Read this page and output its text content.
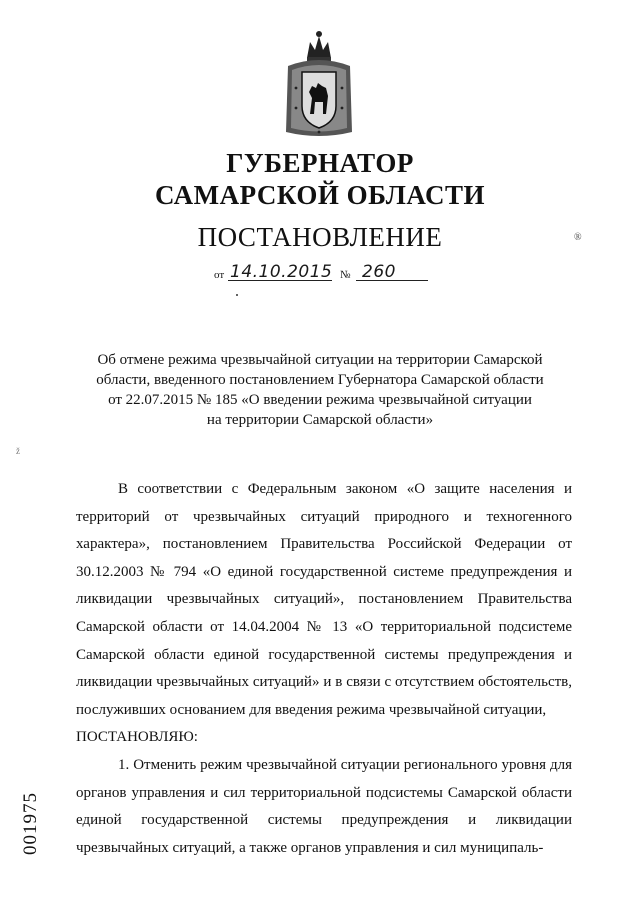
ГУБЕРНАТОР
САМАРСКОЙ ОБЛАСТИ
ПОСТАНОВЛЕНИЕ
от 14.10.2015 № 260
®
ž
Об отмене режима чрезвычайной ситуации на территории Самарской
области, введенного постановлением Губернатора Самарской области
от 22.07.2015 № 185 «О введении режима чрезвычайной ситуации
на территории Самарской области»

В соответствии с Федеральным законом «О защите населения и территорий от чрезвычайных ситуаций природного и техногенного характера», постановлением Правительства Российской Федерации от 30.12.2003 № 794 «О единой государственной системе предупреждения и ликвидации чрезвычайных ситуаций», постановлением Правительства Самарской области от 14.04.2004 № 13 «О территориальной подсистеме Самарской области единой государственной системы предупреждения и ликвидации чрезвычайных ситуаций» и в связи с отсутствием обстоятельств, послуживших основанием для введения режима чрезвычайной ситуации,

ПОСТАНОВЛЯЮ:

1. Отменить режим чрезвычайной ситуации регионального уровня для органов управления и сил территориальной подсистемы Самарской области единой государственной системы предупреждения и ликвидации чрезвычайных ситуаций, а также органов управления и сил муниципаль-

001975
